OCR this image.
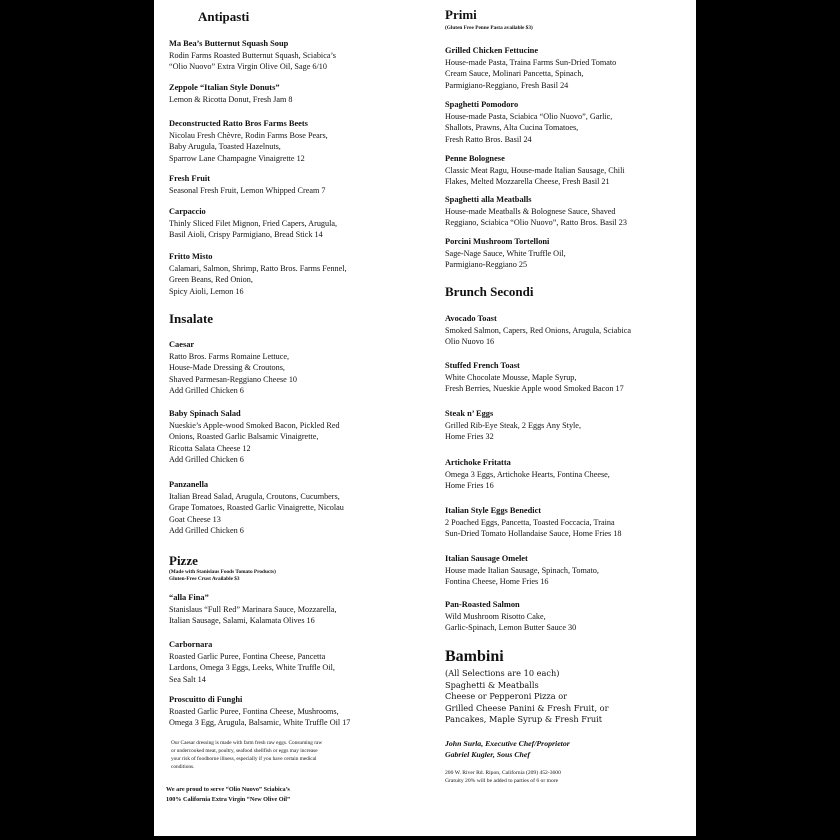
Antipasti
Ma Bea’s Butternut Squash Soup
Rodin Farms Roasted Butternut Squash, Sciabica’s
“Olio Nuovo” Extra Virgin Olive Oil, Sage 6/10
Zeppole “Italian Style Donuts”
Lemon & Ricotta Donut, Fresh Jam 8
Deconstructed Ratto Bros Farms Beets
Nicolau Fresh Chèvre, Rodin Farms Bose Pears,
Baby Arugula, Toasted Hazelnuts,
Sparrow Lane Champagne Vinaigrette 12
Fresh Fruit
Seasonal Fresh Fruit, Lemon Whipped Cream 7
Carpaccio
Thinly Sliced Filet Mignon, Fried Capers, Arugula,
Basil Aioli, Crispy Parmigiano, Bread Stick 14
Fritto Misto
Calamari, Salmon, Shrimp, Ratto Bros. Farms Fennel,
Green Beans, Red Onion,
Spicy Aioli, Lemon 16
Insalate
Caesar
Ratto Bros. Farms Romaine Lettuce,
House-Made Dressing & Croutons,
Shaved Parmesan-Reggiano Cheese 10
Add Grilled Chicken 6
Baby Spinach Salad
Nueskie’s Apple-wood Smoked Bacon, Pickled Red
Onions, Roasted Garlic Balsamic Vinaigrette,
Ricotta Salata Cheese 12
Add Grilled Chicken 6
Panzanella
Italian Bread Salad, Arugula, Croutons, Cucumbers,
Grape Tomatoes, Roasted Garlic Vinaigrette, Nicolau
Goat Cheese 13
Add Grilled Chicken 6
Pizze
(Made with Stanislaus Foods Tomato Products)
Gluten-Free Crust Available $3
“alla Fina”
Stanislaus “Full Red” Marinara Sauce, Mozzarella,
Italian Sausage, Salami, Kalamata Olives 16
Carbornara
Roasted Garlic Puree, Fontina Cheese, Pancetta
Lardons, Omega 3 Eggs, Leeks, White Truffle Oil,
Sea Salt 14
Proscuitto di Funghi
Roasted Garlic Puree, Fontina Cheese, Mushrooms,
Omega 3 Egg, Arugula, Balsamic, White Truffle Oil 17
Our Caesar dressing is made with farm fresh raw eggs. Consuming raw
or undercooked meat, poultry, seafood shellfish or eggs may increase
your risk of foodborne illness, especially if you have certain medical
conditions.
We are proud to serve “Olio Nuovo” Sciabica’s
100% California Extra Virgin “New Olive Oil”
Primi
(Gluten Free Penne Pasta available $3)
Grilled Chicken Fettucine
House-made Pasta, Traina Farms Sun-Dried Tomato
Cream Sauce, Molinari Pancetta, Spinach,
Parmigiano-Reggiano, Fresh Basil 24
Spaghetti Pomodoro
House-made Pasta, Sciabica “Olio Nuovo”, Garlic,
Shallots, Prawns, Alta Cucina Tomatoes,
Fresh Ratto Bros. Basil 24
Penne Bolognese
Classic Meat Ragu, House-made Italian Sausage, Chili
Flakes, Melted Mozzarella Cheese, Fresh Basil 21
Spaghetti alla Meatballs
House-made Meatballs & Bolognese Sauce, Shaved
Reggiano, Sciabica “Olio Nuovo”, Ratto Bros. Basil 23
Porcini Mushroom Tortelloni
Sage-Nage Sauce, White Truffle Oil,
Parmigiano-Reggiano 25
Brunch Secondi
Avocado Toast
Smoked Salmon, Capers, Red Onions, Arugula, Sciabica
Olio Nuovo 16
Stuffed French Toast
White Chocolate Mousse, Maple Syrup,
Fresh Berries, Nueskie Apple wood Smoked Bacon 17
Steak n’ Eggs
Grilled Rib-Eye Steak, 2 Eggs Any Style,
Home Fries 32
Artichoke Fritatta
Omega 3 Eggs, Artichoke Hearts, Fontina Cheese,
Home Fries 16
Italian Style Eggs Benedict
2 Poached Eggs, Pancetta, Toasted Foccacia, Traina
Sun-Dried Tomato Hollandaise Sauce, Home Fries 18
Italian Sausage Omelet
House made Italian Sausage, Spinach, Tomato,
Fontina Cheese, Home Fries 16
Pan-Roasted Salmon
Wild Mushroom Risotto Cake,
Garlic-Spinach, Lemon Butter Sauce 30
Bambini
(All Selections are 10 each)
Spaghetti & Meatballs
Cheese or Pepperoni Pizza or
Grilled Cheese Panini & Fresh Fruit, or
Pancakes, Maple Syrup & Fresh Fruit
John Surla, Executive Chef/Proprietor
Gabriel Kugler, Sous Chef
200 W. River Rd. Ripon, California (209) 452-3600
Gratuity 20% will be added to parties of 6 or more
